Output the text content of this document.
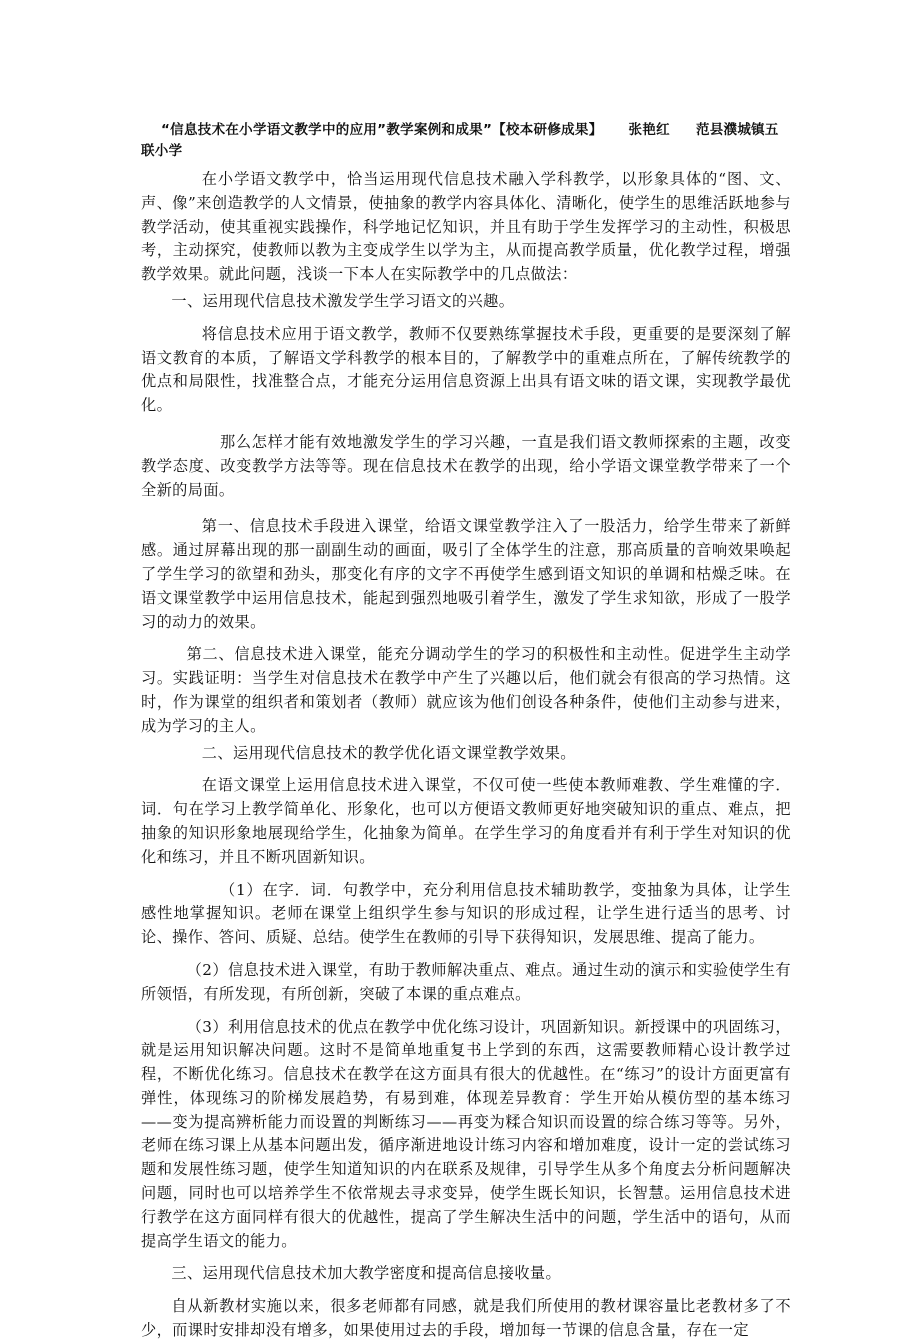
“信息技术在小学语文教学中的应用”教学案例和成果”【校本研修成果】 张艳红 范县濮城镇五联小学

在小学语文教学中，恰当运用现代信息技术融入学科教学，以形象具体的“图、文、声、像”来创造教学的人文情景，使抽象的教学内容具体化、清晰化，使学生的思维活跃地参与教学活动，使其重视实践操作，科学地记忆知识，并且有助于学生发挥学习的主动性，积极思考，主动探究，使教师以教为主变成学生以学为主，从而提高教学质量，优化教学过程，增强教学效果。就此问题，浅谈一下本人在实际教学中的几点做法：

一、运用现代信息技术激发学生学习语文的兴趣。

将信息技术应用于语文教学，教师不仅要熟练掌握技术手段，更重要的是要深刻了解语文教育的本质，了解语文学科教学的根本目的，了解教学中的重难点所在，了解传统教学的优点和局限性，找准整合点，才能充分运用信息资源上出具有语文味的语文课，实现教学最优化。

那么怎样才能有效地激发学生的学习兴趣，一直是我们语文教师探索的主题，改变教学态度、改变教学方法等等。现在信息技术在教学的出现，给小学语文课堂教学带来了一个全新的局面。

第一、信息技术手段进入课堂，给语文课堂教学注入了一股活力，给学生带来了新鲜感。通过屏幕出现的那一副副生动的画面，吸引了全体学生的注意，那高质量的音响效果唤起了学生学习的欲望和劲头，那变化有序的文字不再使学生感到语文知识的单调和枯燥乏味。在语文课堂教学中运用信息技术，能起到强烈地吸引着学生，激发了学生求知欲，形成了一股学习的动力的效果。

第二、信息技术进入课堂，能充分调动学生的学习的积极性和主动性。促进学生主动学习。实践证明：当学生对信息技术在教学中产生了兴趣以后，他们就会有很高的学习热情。这时，作为课堂的组织者和策划者（教师）就应该为他们创设各种条件，使他们主动参与进来，成为学习的主人。

二、运用现代信息技术的教学优化语文课堂教学效果。

在语文课堂上运用信息技术进入课堂，不仅可使一些使本教师难教、学生难懂的字．词．句在学习上教学简单化、形象化，也可以方便语文教师更好地突破知识的重点、难点，把抽象的知识形象地展现给学生，化抽象为简单。在学生学习的角度看并有利于学生对知识的优化和练习，并且不断巩固新知识。

（1）在字．词．句教学中，充分利用信息技术辅助教学，变抽象为具体，让学生感性地掌握知识。老师在课堂上组织学生参与知识的形成过程，让学生进行适当的思考、讨论、操作、答问、质疑、总结。使学生在教师的引导下获得知识，发展思维、提高了能力。

（2）信息技术进入课堂，有助于教师解决重点、难点。通过生动的演示和实验使学生有所领悟，有所发现，有所创新，突破了本课的重点难点。

（3）利用信息技术的优点在教学中优化练习设计，巩固新知识。新授课中的巩固练习，就是运用知识解决问题。这时不是简单地重复书上学到的东西，这需要教师精心设计教学过程，不断优化练习。信息技术在教学在这方面具有很大的优越性。在“练习”的设计方面更富有弹性，体现练习的阶梯发展趋势，有易到难，体现差异教育：学生开始从模仿型的基本练习——变为提高辨析能力而设置的判断练习——再变为糅合知识而设置的综合练习等等。另外，老师在练习课上从基本问题出发，循序渐进地设计练习内容和增加难度，设计一定的尝试练习题和发展性练习题，使学生知道知识的内在联系及规律，引导学生从多个角度去分析问题解决问题，同时也可以培养学生不依常规去寻求变异，使学生既长知识，长智慧。运用信息技术进行教学在这方面同样有很大的优越性，提高了学生解决生活中的问题，学生活中的语句，从而提高学生语文的能力。

三、运用现代信息技术加大教学密度和提高信息接收量。

自从新教材实施以来，很多老师都有同感，就是我们所使用的教材课容量比老教材多了不少，而课时安排却没有增多，如果使用过去的手段，增加每一节课的信息含量，存在一定
